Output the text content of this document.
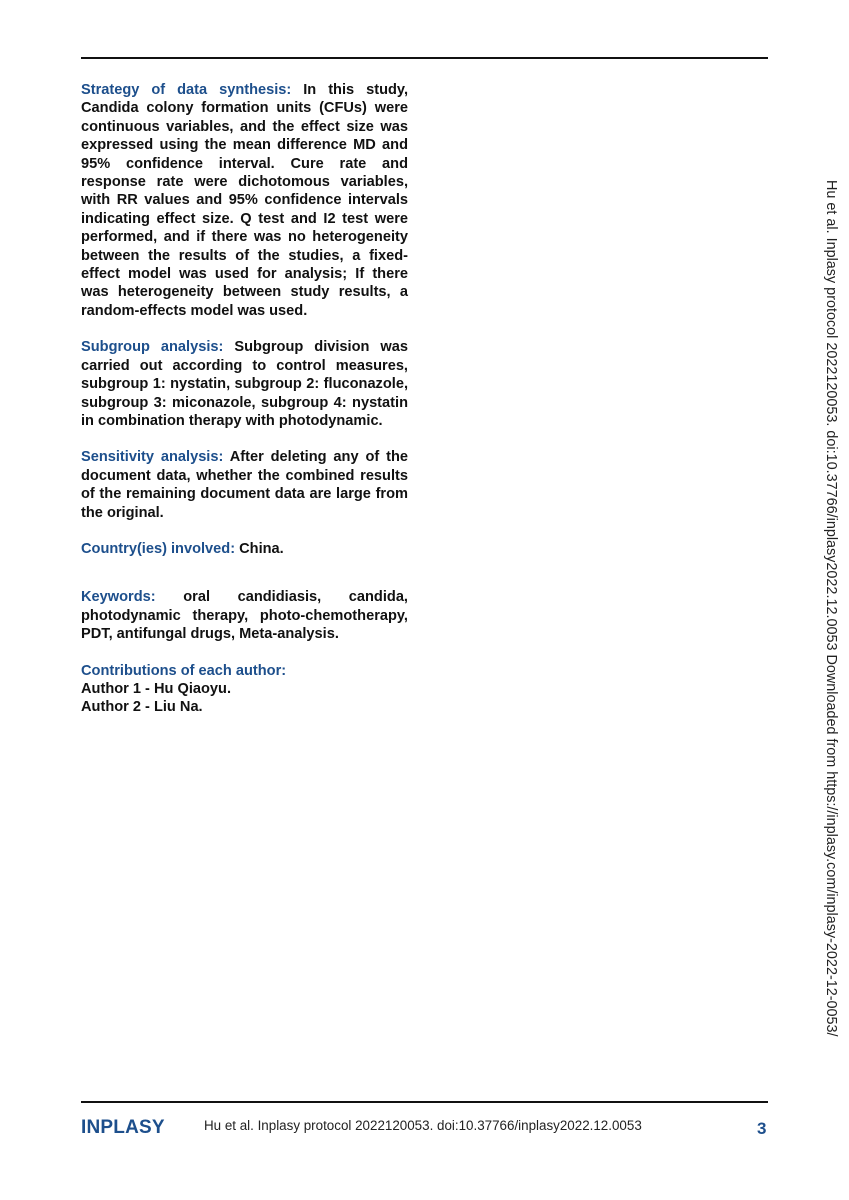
Strategy of data synthesis: In this study, Candida colony formation units (CFUs) were continuous variables, and the effect size was expressed using the mean difference MD and 95% confidence interval. Cure rate and response rate were dichotomous variables, with RR values and 95% confidence intervals indicating effect size. Q test and I2 test were performed, and if there was no heterogeneity between the results of the studies, a fixed-effect model was used for analysis; If there was heterogeneity between study results, a random-effects model was used.

Subgroup analysis: Subgroup division was carried out according to control measures, subgroup 1: nystatin, subgroup 2: fluconazole, subgroup 3: miconazole, subgroup 4: nystatin in combination therapy with photodynamic.

Sensitivity analysis: After deleting any of the document data, whether the combined results of the remaining document data are large from the original.

Country(ies) involved: China.

Keywords: oral candidiasis, candida, photodynamic therapy, photo-chemotherapy, PDT, antifungal drugs, Meta-analysis.

Contributions of each author:
Author 1 - Hu Qiaoyu.
Author 2 - Liu Na.	Hu et al. Inplasy protocol 2022120053. doi:10.37766/inplasy2022.12.0053 Downloaded from https://inplasy.com/inplasy-2022-12-0053/
INPLASY	Hu et al. Inplasy protocol 2022120053. doi:10.37766/inplasy2022.12.0053	3
